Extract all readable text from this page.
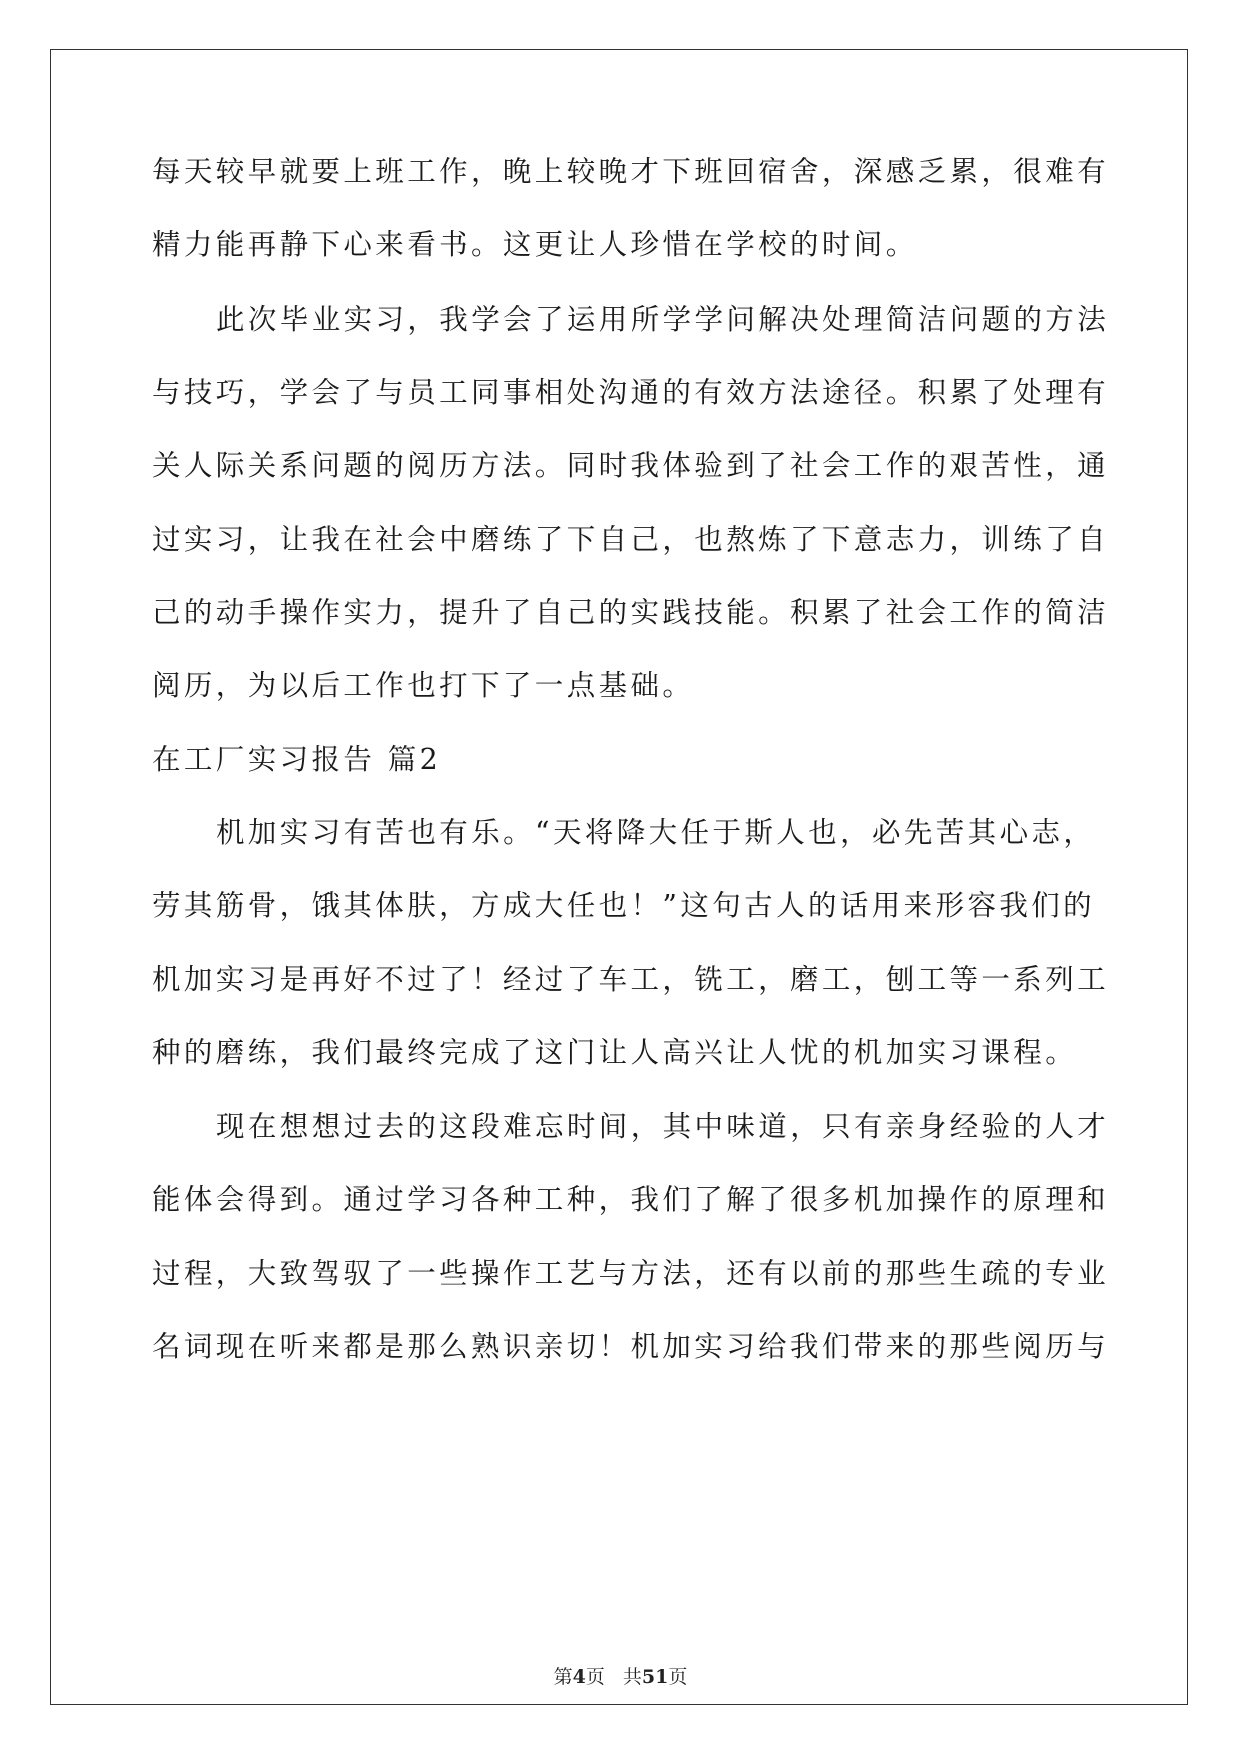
每天较早就要上班工作，晚上较晚才下班回宿舍，深感乏累，很难有
精力能再静下心来看书。这更让人珍惜在学校的时间。
此次毕业实习，我学会了运用所学学问解决处理简洁问题的方法
与技巧，学会了与员工同事相处沟通的有效方法途径。积累了处理有
关人际关系问题的阅历方法。同时我体验到了社会工作的艰苦性，通
过实习，让我在社会中磨练了下自己，也熬炼了下意志力，训练了自
己的动手操作实力，提升了自己的实践技能。积累了社会工作的简洁
阅历，为以后工作也打下了一点基础。
在工厂实习报告 篇2
机加实习有苦也有乐。“天将降大任于斯人也，必先苦其心志，
劳其筋骨，饿其体肤，方成大任也！”这句古人的话用来形容我们的
机加实习是再好不过了！经过了车工，铣工，磨工，刨工等一系列工
种的磨练，我们最终完成了这门让人高兴让人忧的机加实习课程。
现在想想过去的这段难忘时间，其中味道，只有亲身经验的人才
能体会得到。通过学习各种工种，我们了解了很多机加操作的原理和
过程，大致驾驭了一些操作工艺与方法，还有以前的那些生疏的专业
名词现在听来都是那么熟识亲切！机加实习给我们带来的那些阅历与
第4页 共51页
